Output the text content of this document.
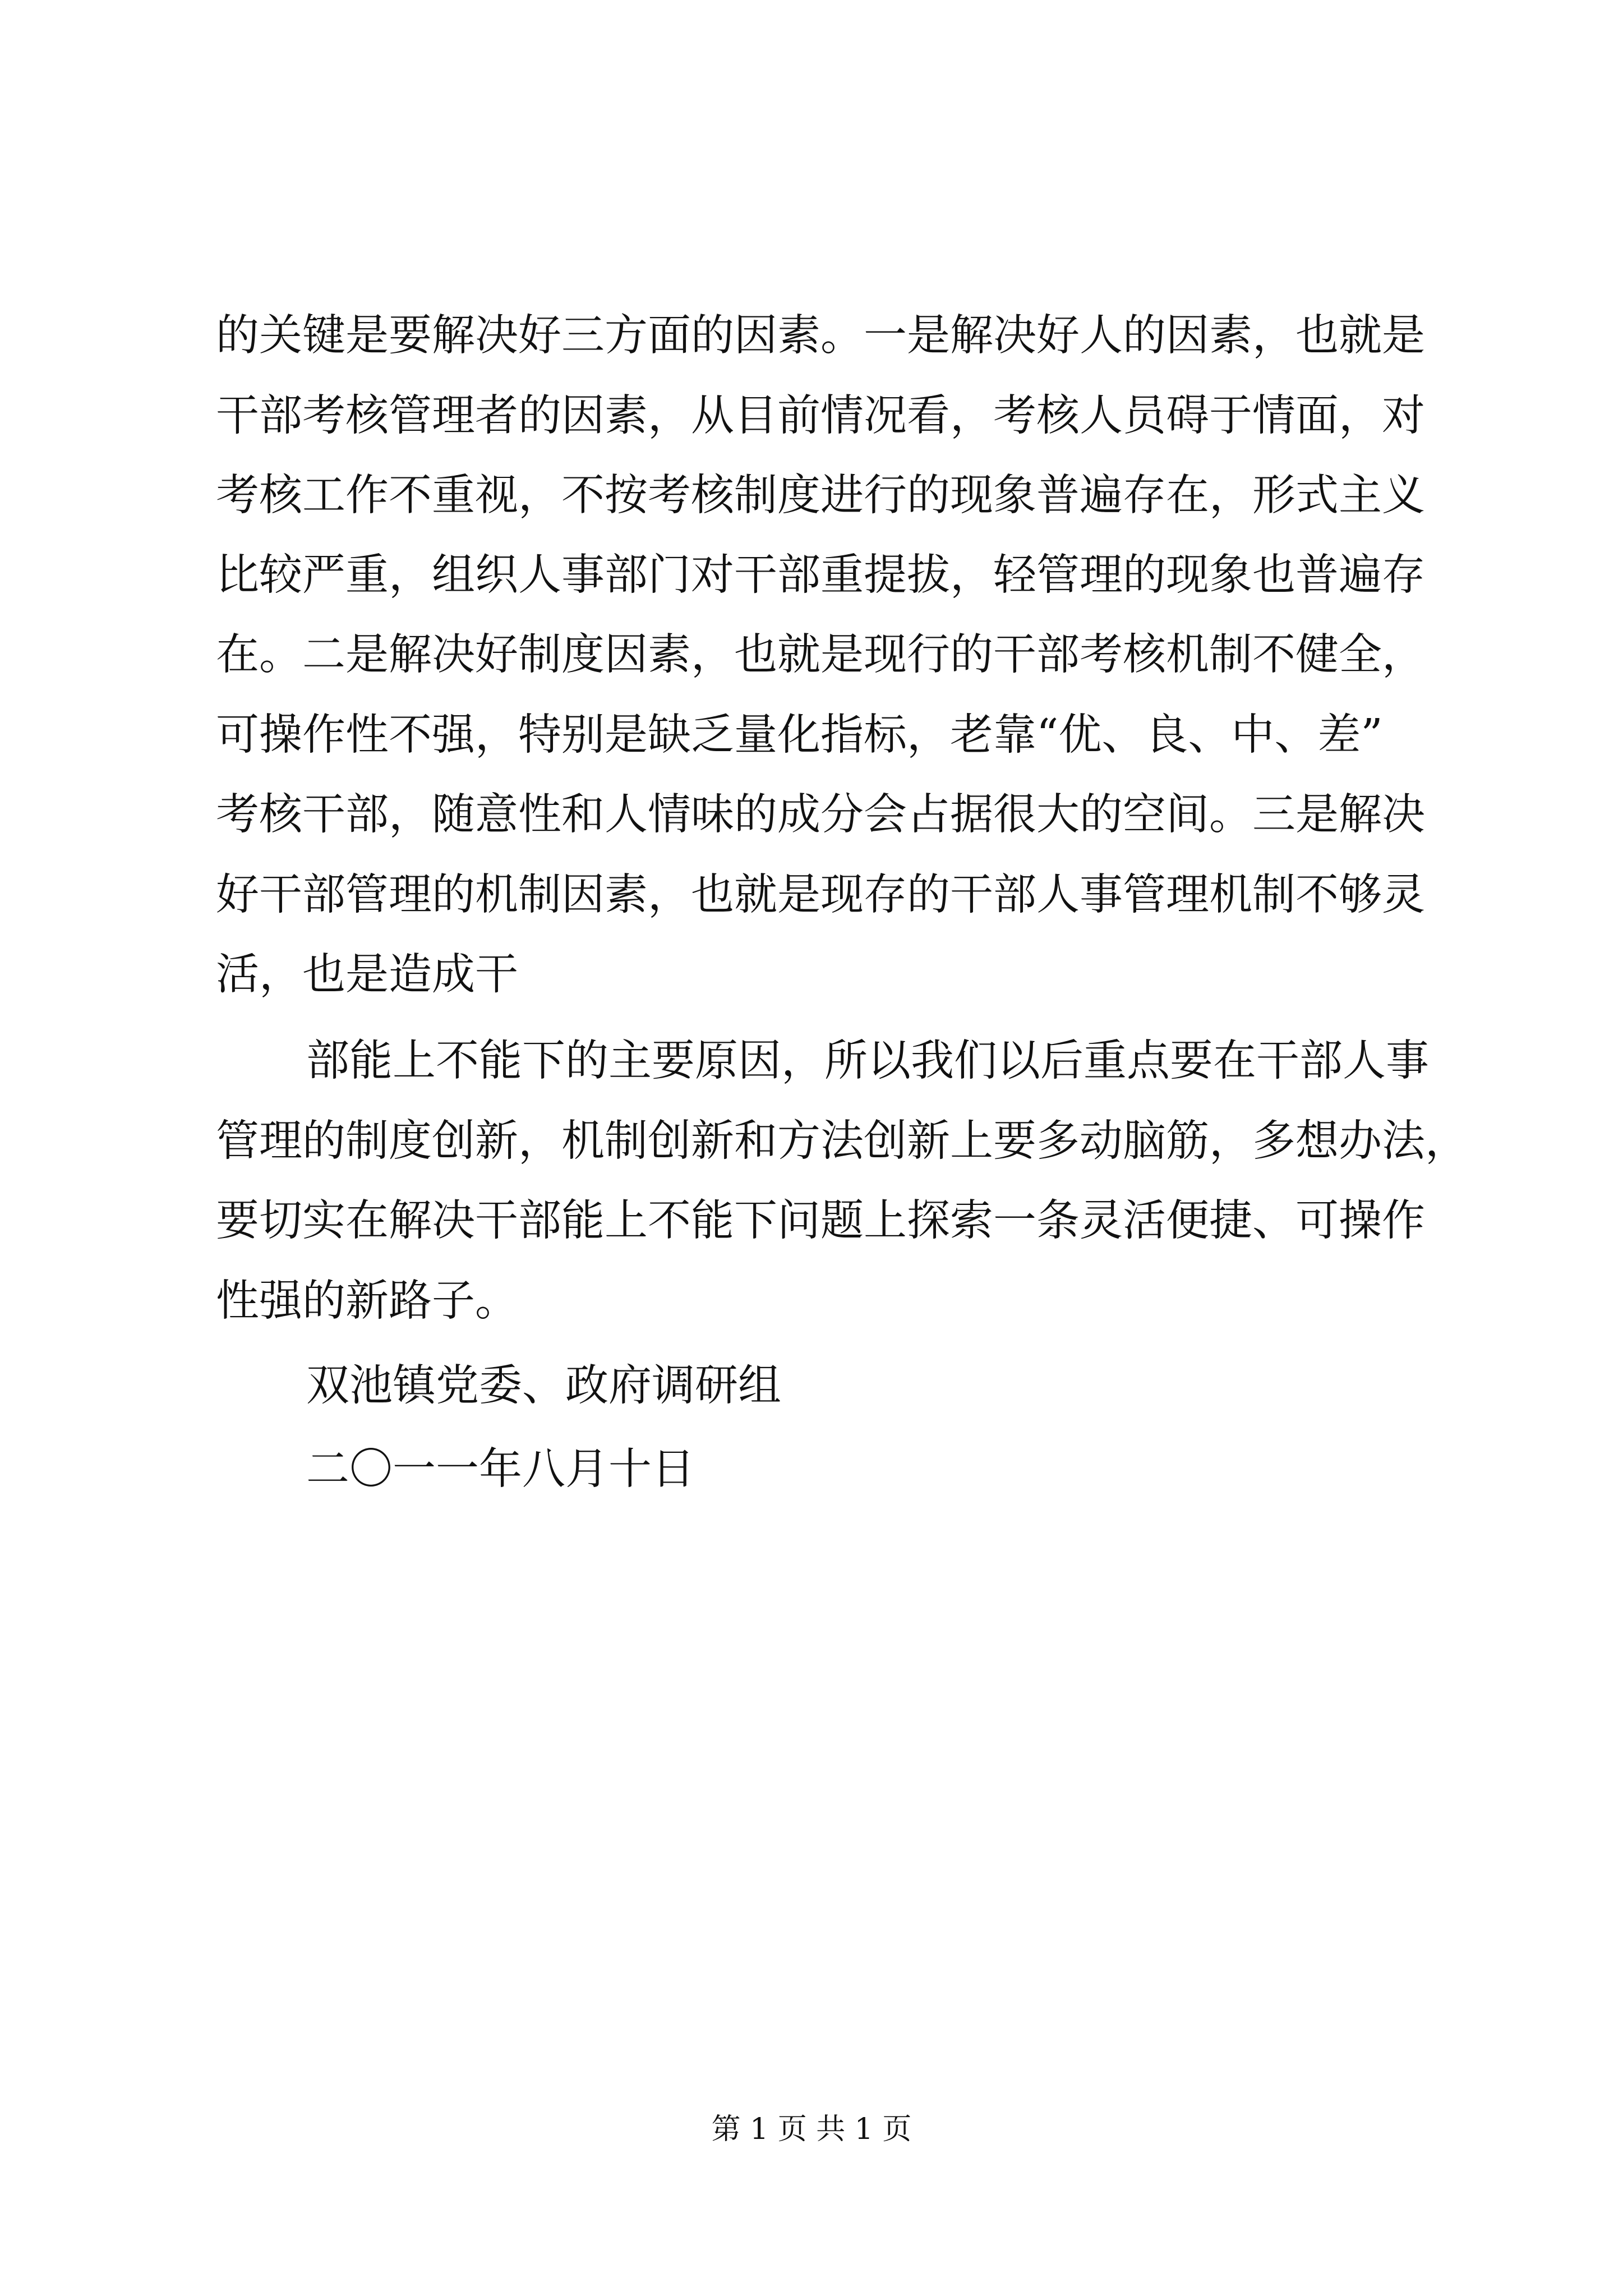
的关键是要解决好三方面的因素。一是解决好人的因素，也就是
干部考核管理者的因素，从目前情况看，考核人员碍于情面，对
考核工作不重视，不按考核制度进行的现象普遍存在，形式主义
比较严重，组织人事部门对干部重提拔，轻管理的现象也普遍存
在。二是解决好制度因素，也就是现行的干部考核机制不健全，
可操作性不强，特别是缺乏量化指标，老靠“优、良、中、差”
考核干部，随意性和人情味的成分会占据很大的空间。三是解决
好干部管理的机制因素，也就是现存的干部人事管理机制不够灵
活，也是造成干
部能上不能下的主要原因，所以我们以后重点要在干部人事
管理的制度创新，机制创新和方法创新上要多动脑筋，多想办法，
要切实在解决干部能上不能下问题上探索一条灵活便捷、可操作
性强的新路子。
双池镇党委、政府调研组
二〇一一年八月十日
第 1 页 共 1 页
